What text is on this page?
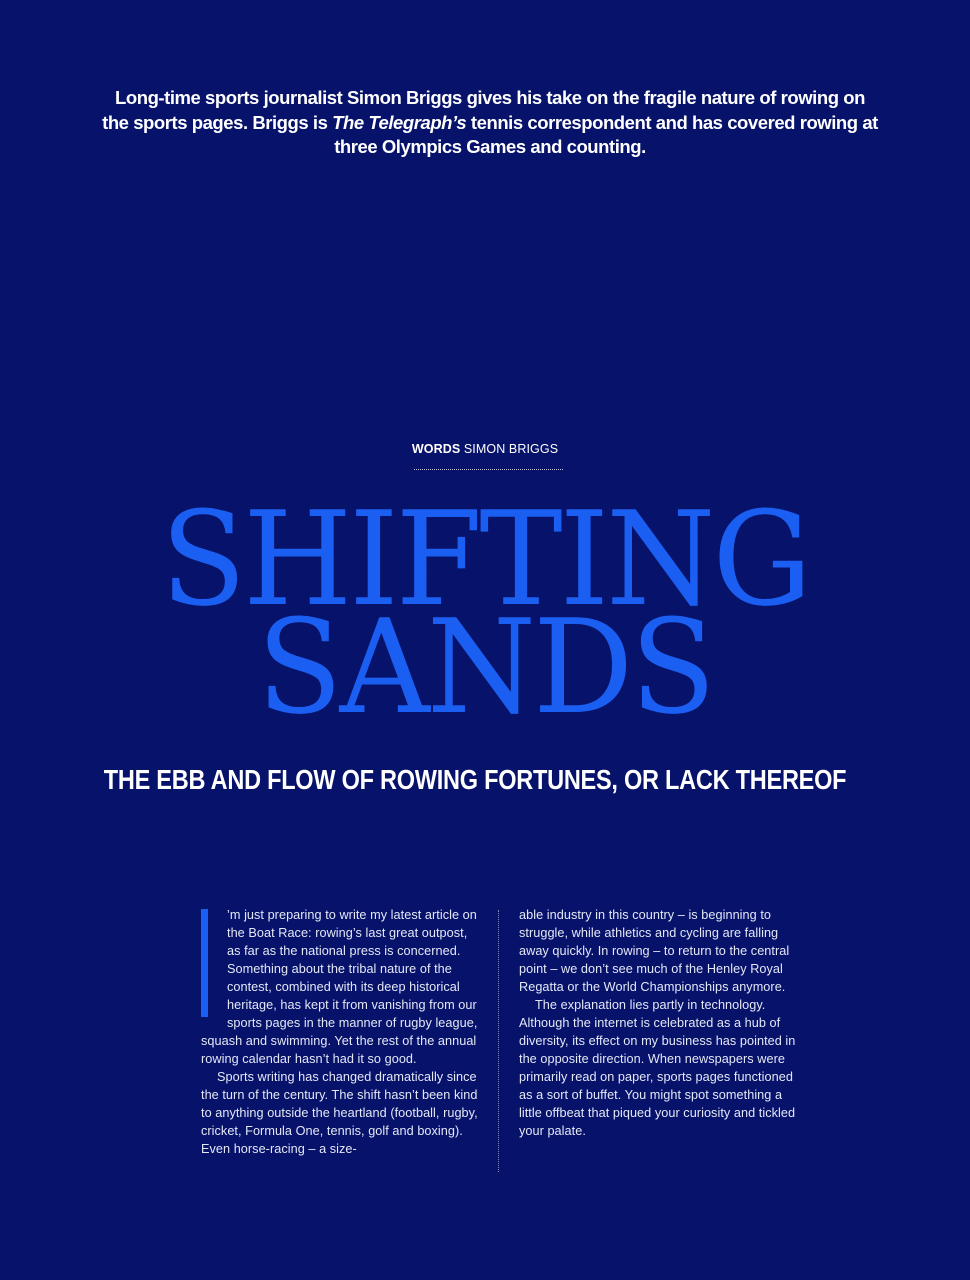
Long-time sports journalist Simon Briggs gives his take on the fragile nature of rowing on the sports pages. Briggs is The Telegraph’s tennis correspondent and has covered rowing at three Olympics Games and counting.

WORDS SIMON BRIGGS
SHIFTING
SANDS
THE EBB AND FLOW OF ROWING FORTUNES, OR LACK THEREOF

’m just preparing to write my latest article on the Boat Race: rowing’s last great outpost, as far as the national press is concerned. Something about the tribal nature of the contest, combined with its deep historical heritage, has kept it from vanishing from our sports pages in the manner of rugby league, squash and swimming. Yet the rest of the annual rowing calendar hasn’t had it so good.

Sports writing has changed dramatically since the turn of the century. The shift hasn’t been kind to anything outside the heartland (football, rugby, cricket, Formula One, tennis, golf and boxing). Even horse-racing – a size-

able industry in this country – is beginning to struggle, while athletics and cycling are falling away quickly. In rowing – to return to the central point – we don’t see much of the Henley Royal Regatta or the World Championships anymore.

The explanation lies partly in technology. Although the internet is celebrated as a hub of diversity, its effect on my business has pointed in the opposite direction. When newspapers were primarily read on paper, sports pages functioned as a sort of buffet. You might spot something a little offbeat that piqued your curiosity and tickled your palate.
